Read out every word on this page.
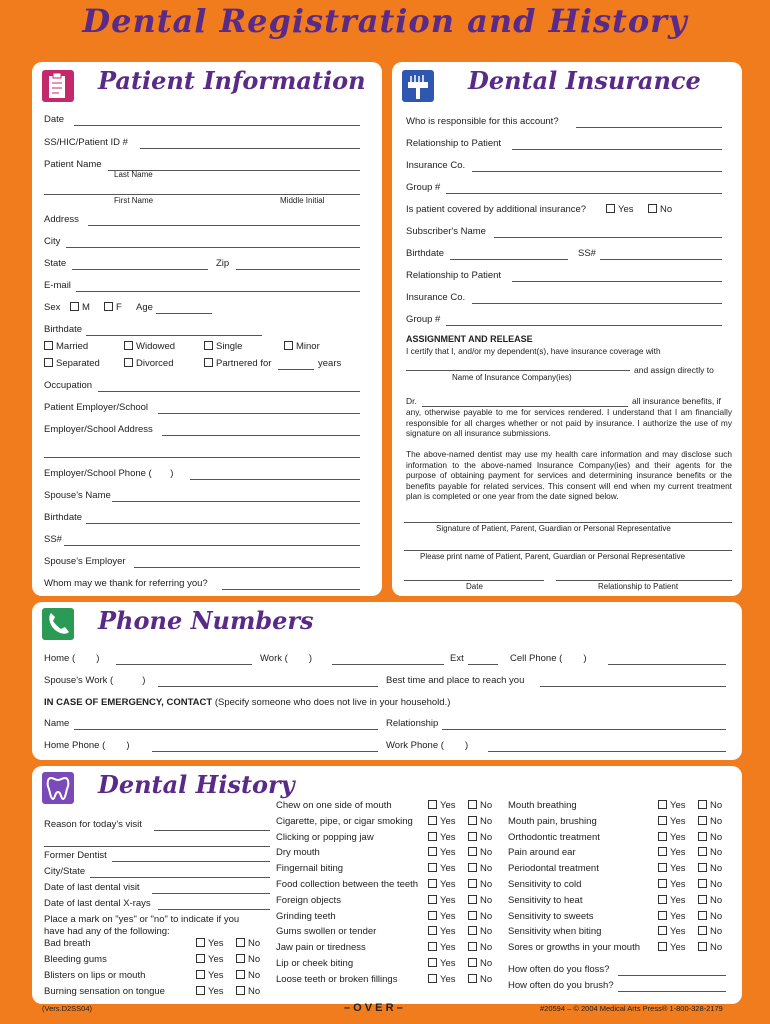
Dental Registration and History
Patient Information
Date
SS/HIC/Patient ID #
Patient Name
Last Name
First Name	Middle Initial
Address
City
State	Zip
E-mail
Sex	M	F Age
Birthdate
Married	Widowed	Single	Minor
Separated	Divorced	Partnered for	years
Occupation
Patient Employer/School
Employer/School Address
Employer/School Phone (       )
Spouse's Name
Birthdate
SS#
Spouse's Employer
Whom may we thank for referring you?
Dental Insurance
Who is responsible for this account?
Relationship to Patient
Insurance Co.
Group #
Is patient covered by additional insurance?	Yes	No
Subscriber's Name
Birthdate	SS#
Relationship to Patient
Insurance Co.
Group #
ASSIGNMENT AND RELEASE
I certify that I, and/or my dependent(s), have insurance coverage with
and assign directly to
Name of Insurance Company(ies)
Dr.	all insurance benefits, if
any, otherwise payable to me for services rendered. I understand that I am financially responsible for all charges whether or not paid by insurance. I authorize the use of my signature on all insurance submissions.
The above-named dentist may use my health care information and may disclose such information to the above-named Insurance Company(ies) and their agents for the purpose of obtaining payment for services and determining insurance benefits or the benefits payable for related services. This consent will end when my current treatment plan is completed or one year from the date signed below.
Signature of Patient, Parent, Guardian or Personal Representative
Please print name of Patient, Parent, Guardian or Personal Representative
Date	Relationship to Patient
Phone Numbers
Home (        )	Work (        )	Ext	Cell Phone (        )
Spouse's Work (           )	Best time and place to reach you
IN CASE OF EMERGENCY, CONTACT (Specify someone who does not live in your household.)
Name	Relationship
Home Phone (        )	Work Phone (        )
Dental History
Reason for today's visit
Former Dentist
City/State
Date of last dental visit
Date of last dental X-rays
Place a mark on "yes" or "no" to indicate if you
have had any of the following:
Bad breath	Yes	No
Bleeding gums	Yes	No
Blisters on lips or mouth	Yes	No
Burning sensation on tongue	Yes	No
Chew on one side of mouth	Yes	No
Cigarette, pipe, or cigar smoking	Yes	No
Clicking or popping jaw	Yes	No
Dry mouth	Yes	No
Fingernail biting	Yes	No
Food collection between the teeth	Yes	No
Foreign objects	Yes	No
Grinding teeth	Yes	No
Gums swollen or tender	Yes	No
Jaw pain or tiredness	Yes	No
Lip or cheek biting	Yes	No
Loose teeth or broken fillings	Yes	No
Mouth breathing	Yes	No
Mouth pain, brushing	Yes	No
Orthodontic treatment	Yes	No
Pain around ear	Yes	No
Periodontal treatment	Yes	No
Sensitivity to cold	Yes	No
Sensitivity to heat	Yes	No
Sensitivity to sweets	Yes	No
Sensitivity when biting	Yes	No
Sores or growths in your mouth	Yes	No
How often do you floss?
How often do you brush?
(Vers.D2SS04)	– O V E R –	#20594 – © 2004 Medical Arts Press® 1-800-328-2179
